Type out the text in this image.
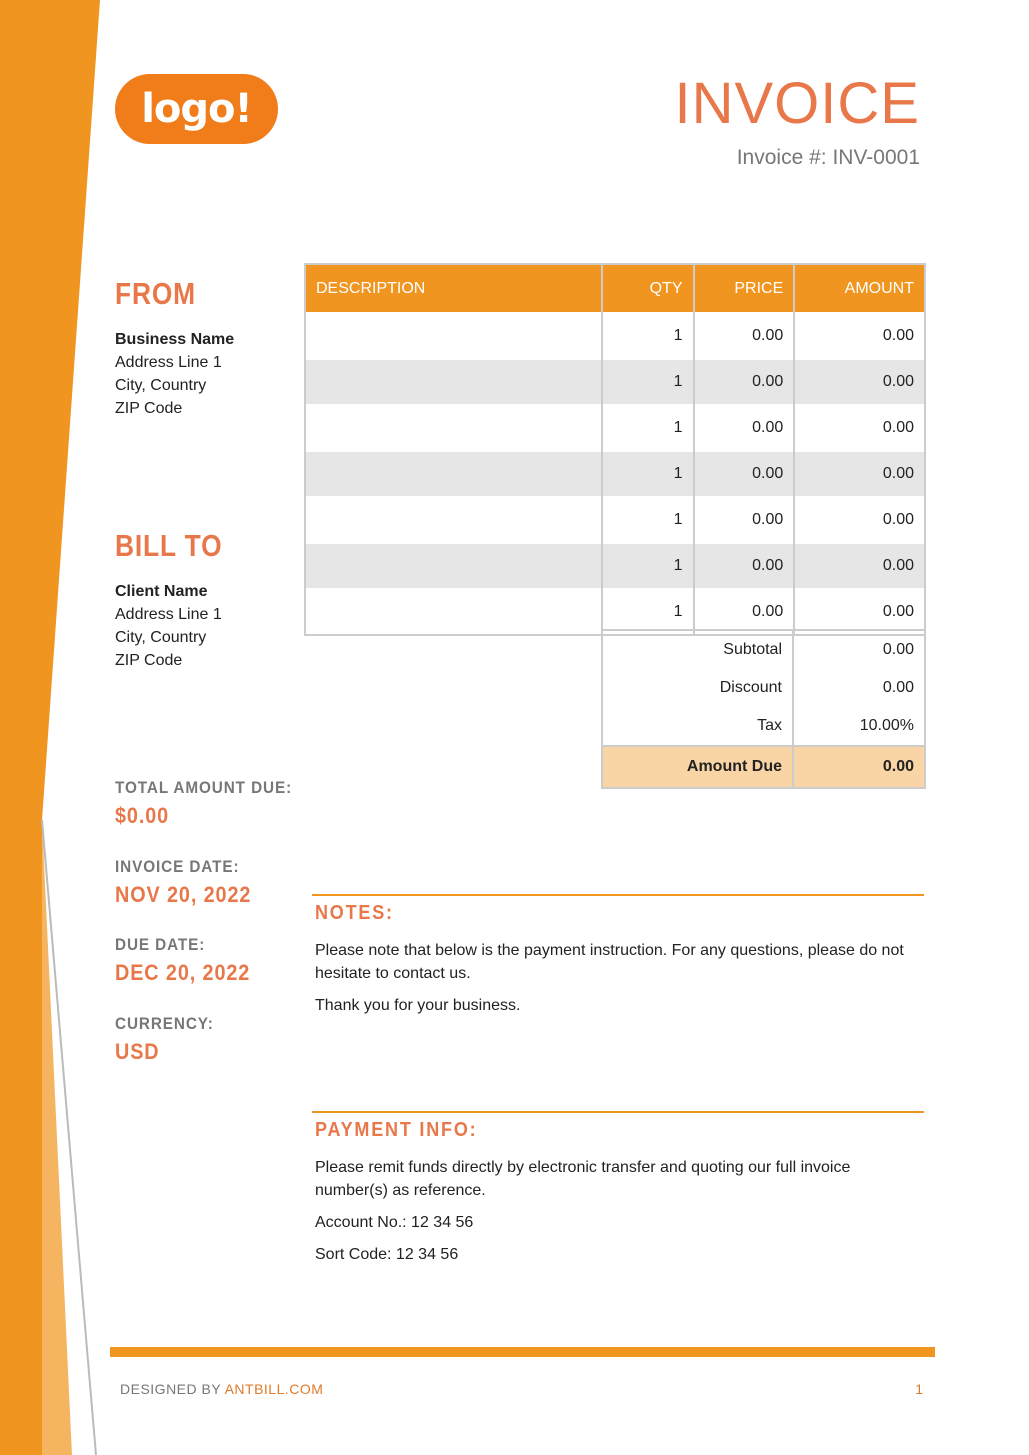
logo!	INVOICE
Invoice #: INV-0001
FROM
Business Name
Address Line 1
City, Country
ZIP Code
BILL TO
Client Name
Address Line 1
City, Country
ZIP Code
TOTAL AMOUNT DUE:
$0.00
INVOICE DATE:
NOV 20, 2022
DUE DATE:
DEC 20, 2022
CURRENCY:
USD
DESCRIPTION	QTY	PRICE	AMOUNT
	1	0.00	0.00
	1	0.00	0.00
	1	0.00	0.00
	1	0.00	0.00
	1	0.00	0.00
	1	0.00	0.00
	1	0.00	0.00
Subtotal	0.00
Discount	0.00
Tax	10.00%
Amount Due	0.00
NOTES:

Please note that below is the payment instruction. For any questions, please do not hesitate to contact us.

Thank you for your business.

PAYMENT INFO:

Please remit funds directly by electronic transfer and quoting our full invoice number(s) as reference.

Account No.: 12 34 56

Sort Code: 12 34 56

DESIGNED BY ANTBILL.COM	1
